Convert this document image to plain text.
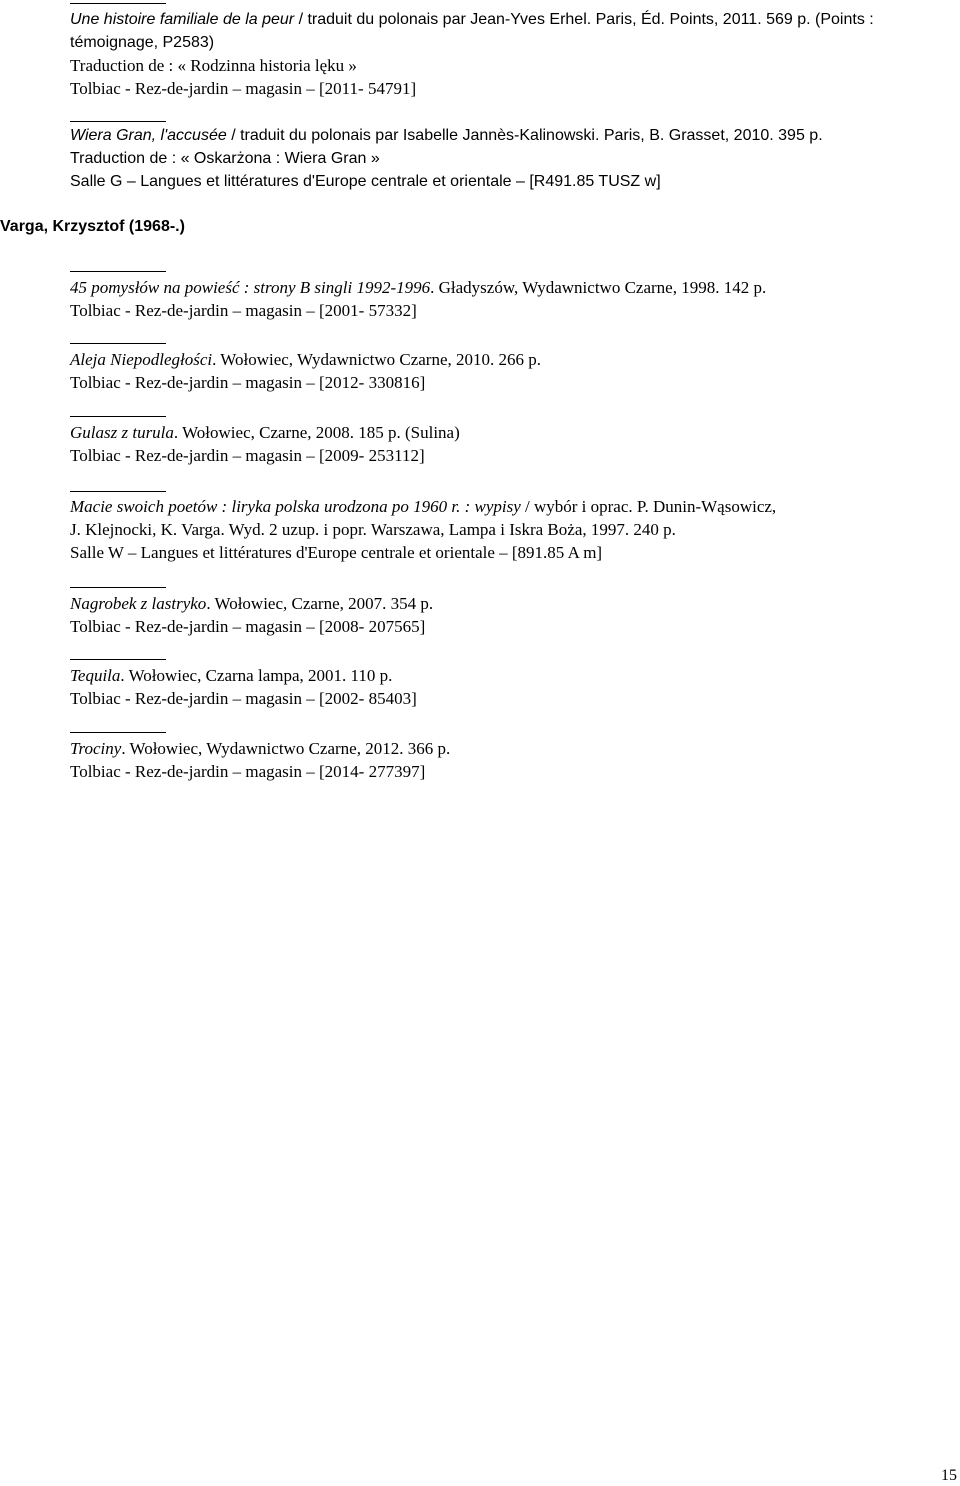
Une histoire familiale de la peur / traduit du polonais par Jean-Yves Erhel. Paris, Éd. Points, 2011. 569 p. (Points :
témoignage, P2583)
Traduction de : « Rodzinna historia lęku »
Tolbiac - Rez-de-jardin – magasin – [2011- 54791]
Wiera Gran, l'accusée / traduit du polonais par Isabelle Jannès-Kalinowski. Paris, B. Grasset, 2010. 395 p.
Traduction de : « Oskarżona : Wiera Gran »
Salle G – Langues et littératures d'Europe centrale et orientale – [R491.85 TUSZ w]
Varga, Krzysztof (1968-.)
45 pomysłów na powieść : strony B singli 1992-1996. Gładyszów, Wydawnictwo Czarne, 1998. 142 p.
Tolbiac - Rez-de-jardin – magasin – [2001- 57332]
Aleja Niepodległości. Wołowiec, Wydawnictwo Czarne, 2010. 266 p.
Tolbiac - Rez-de-jardin – magasin – [2012- 330816]
Gulasz z turula. Wołowiec, Czarne, 2008. 185 p. (Sulina)
Tolbiac - Rez-de-jardin – magasin – [2009- 253112]
Macie swoich poetów : liryka polska urodzona po 1960 r. : wypisy / wybór i oprac. P. Dunin-Wąsowicz,
J. Klejnocki, K. Varga. Wyd. 2 uzup. i popr. Warszawa, Lampa i Iskra Boża, 1997. 240 p.
Salle W – Langues et littératures d'Europe centrale et orientale – [891.85 A m]
Nagrobek z lastryko. Wołowiec, Czarne, 2007. 354 p.
Tolbiac - Rez-de-jardin – magasin – [2008- 207565]
Tequila. Wołowiec, Czarna lampa, 2001. 110 p.
Tolbiac - Rez-de-jardin – magasin – [2002- 85403]
Trociny. Wołowiec, Wydawnictwo Czarne, 2012. 366 p.
Tolbiac - Rez-de-jardin – magasin – [2014- 277397]
15
